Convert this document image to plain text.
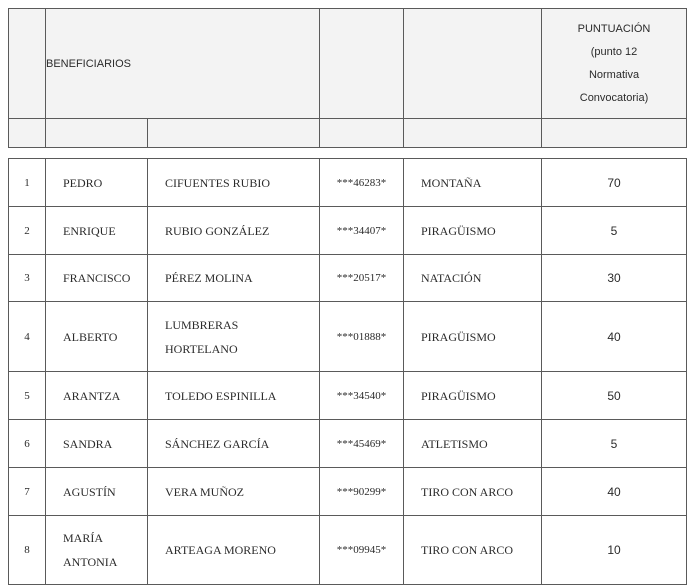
	BENEFICIARIOS				PUNTUACIÓN
(punto 12
Normativa
Convocatoria)

1	PEDRO	CIFUENTES RUBIO	***46283*	MONTAÑA	70
2	ENRIQUE	RUBIO GONZÁLEZ	***34407*	PIRAGÜISMO	5
3	FRANCISCO	PÉREZ MOLINA	***20517*	NATACIÓN	30
4	ALBERTO	LUMBRERAS
HORTELANO	***01888*	PIRAGÜISMO	40
5	ARANTZA	TOLEDO ESPINILLA	***34540*	PIRAGÜISMO	50
6	SANDRA	SÁNCHEZ GARCÍA	***45469*	ATLETISMO	5
7	AGUSTÍN	VERA MUÑOZ	***90299*	TIRO CON ARCO	40
8	MARÍA
ANTONIA	ARTEAGA MORENO	***09945*	TIRO CON ARCO	10
